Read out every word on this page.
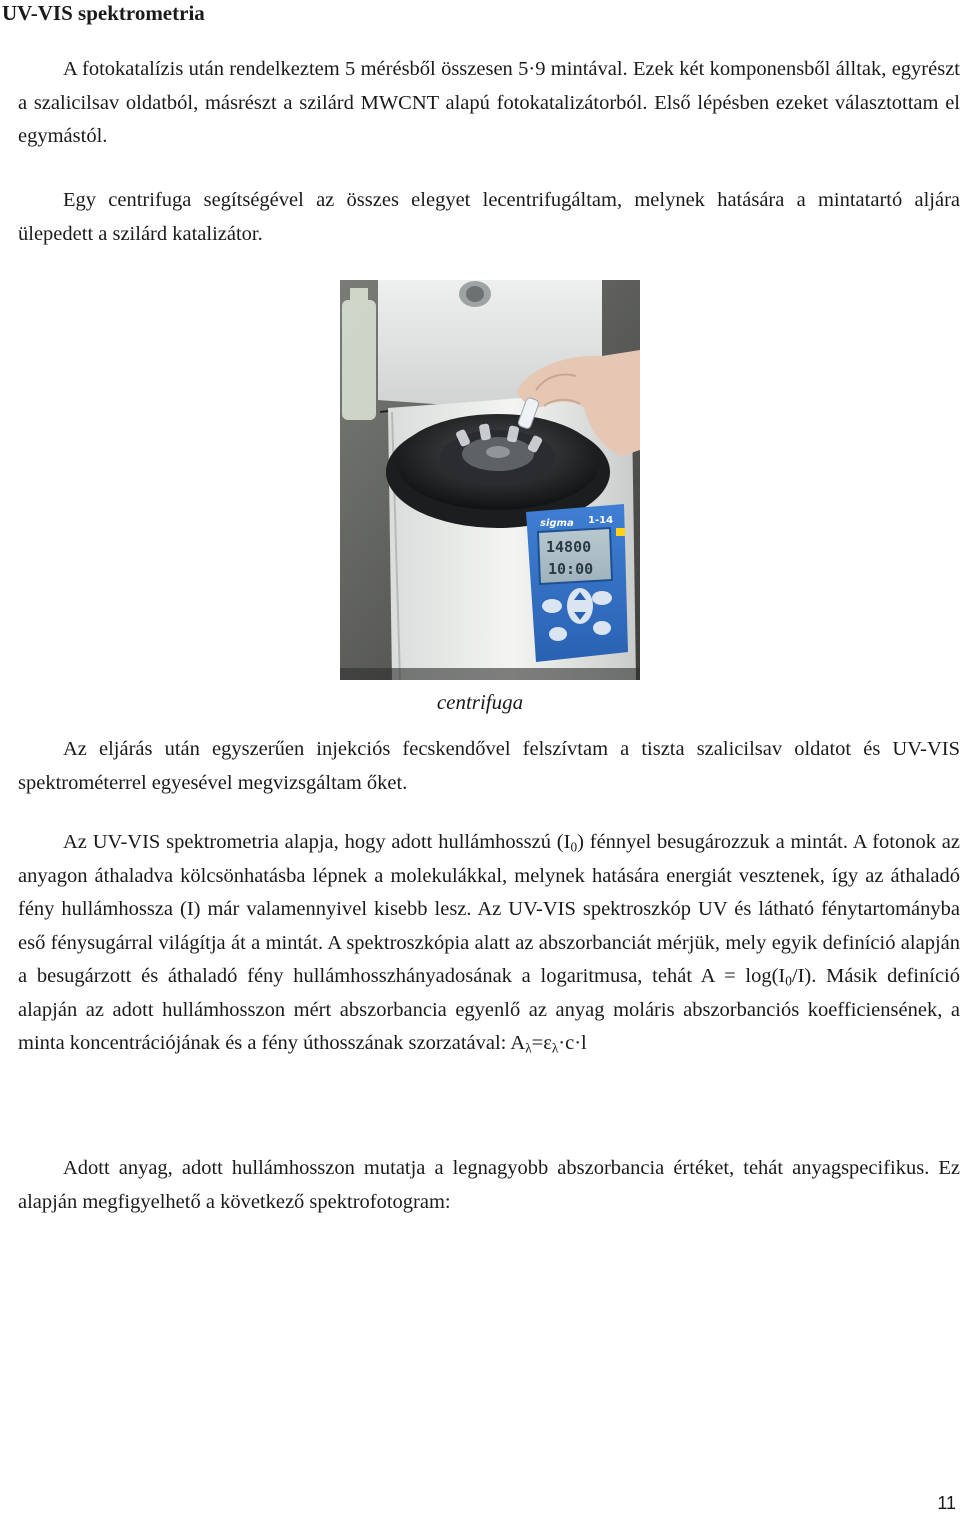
UV-VIS spektrometria

A fotokatalízis után rendelkeztem 5 mérésből összesen 5·9 mintával. Ezek két komponensből álltak, egyrészt a szalicilsav oldatból, másrészt a szilárd MWCNT alapú fotokatalizátorból. Első lépésben ezeket választottam el egymástól.

Egy centrifuga segítségével az összes elegyet lecentrifugáltam, melynek hatására a mintatartó aljára ülepedett a szilárd katalizátor.

sigma 1-14
14800
10:00

centrifuga

Az eljárás után egyszerűen injekciós fecskendővel felszívtam a tiszta szalicilsav oldatot és UV-VIS spektrométerrel egyesével megvizsgáltam őket.

Az UV-VIS spektrometria alapja, hogy adott hullámhosszú $(I_0)$ fénnyel besugározzuk a mintát. A fotonok az anyagon áthaladva kölcsönhatásba lépnek a molekulákkal, melynek hatására energiát vesztenek, így az áthaladó fény hullámhossza (I) már valamennyivel kisebb lesz. Az UV-VIS spektroszkóp UV és látható fénytartományba eső fénysugárral világítja át a mintát. A spektroszkópia alatt az abszorbanciát mérjük, mely egyik definíció alapján a besugárzott és áthaladó fény hullámhosszhányadosának a logaritmusa, tehát $A = \log(I_0/I)$. Másik definíció alapján az adott hullámhosszon mért abszorbancia egyenlő az anyag moláris abszorbanciós koefficiensének, a minta koncentrációjának és a fény úthosszának szorzatával: $A_\lambda=\varepsilon_\lambda\cdot c\cdot l$

Adott anyag, adott hullámhosszon mutatja a legnagyobb abszorbancia értéket, tehát anyagspecifikus. Ez alapján megfigyelhető a következő spektrofotogram:

11
